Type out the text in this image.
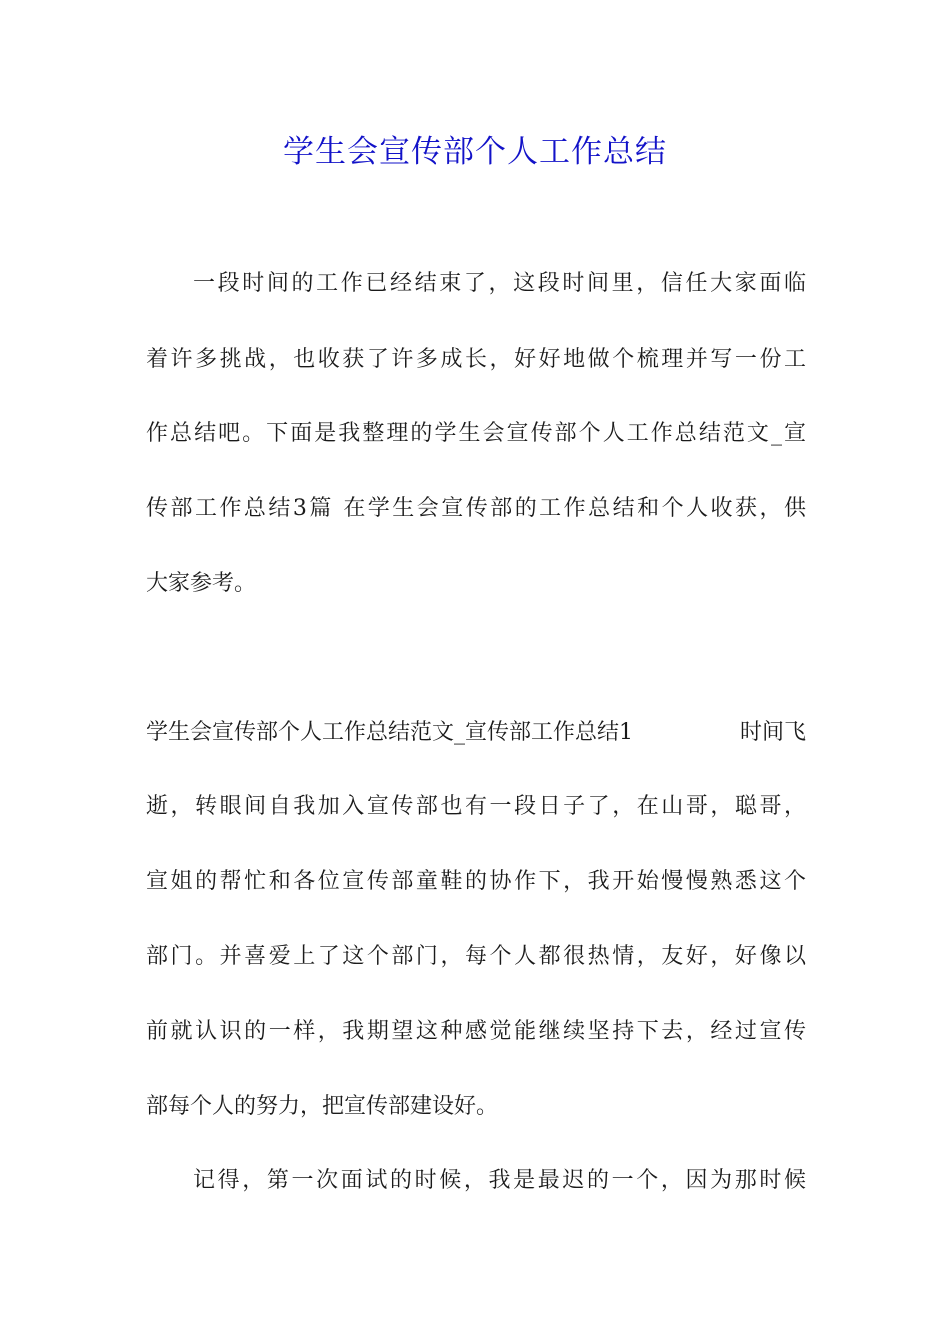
学生会宣传部个人工作总结

一段时间的工作已经结束了，这段时间里，信任大家面临

着许多挑战，也收获了许多成长，好好地做个梳理并写一份工

作总结吧。下面是我整理的学生会宣传部个人工作总结范文_宣

传部工作总结3篇 在学生会宣传部的工作总结和个人收获，供

大家参考。

学生会宣传部个人工作总结范文_宣传部工作总结1	时间飞

逝，转眼间自我加入宣传部也有一段日子了，在山哥，聪哥，

宣姐的帮忙和各位宣传部童鞋的协作下，我开始慢慢熟悉这个

部门。并喜爱上了这个部门，每个人都很热情，友好，好像以

前就认识的一样，我期望这种感觉能继续坚持下去，经过宣传

部每个人的努力，把宣传部建设好。

记得，第一次面试的时候，我是最迟的一个，因为那时候
